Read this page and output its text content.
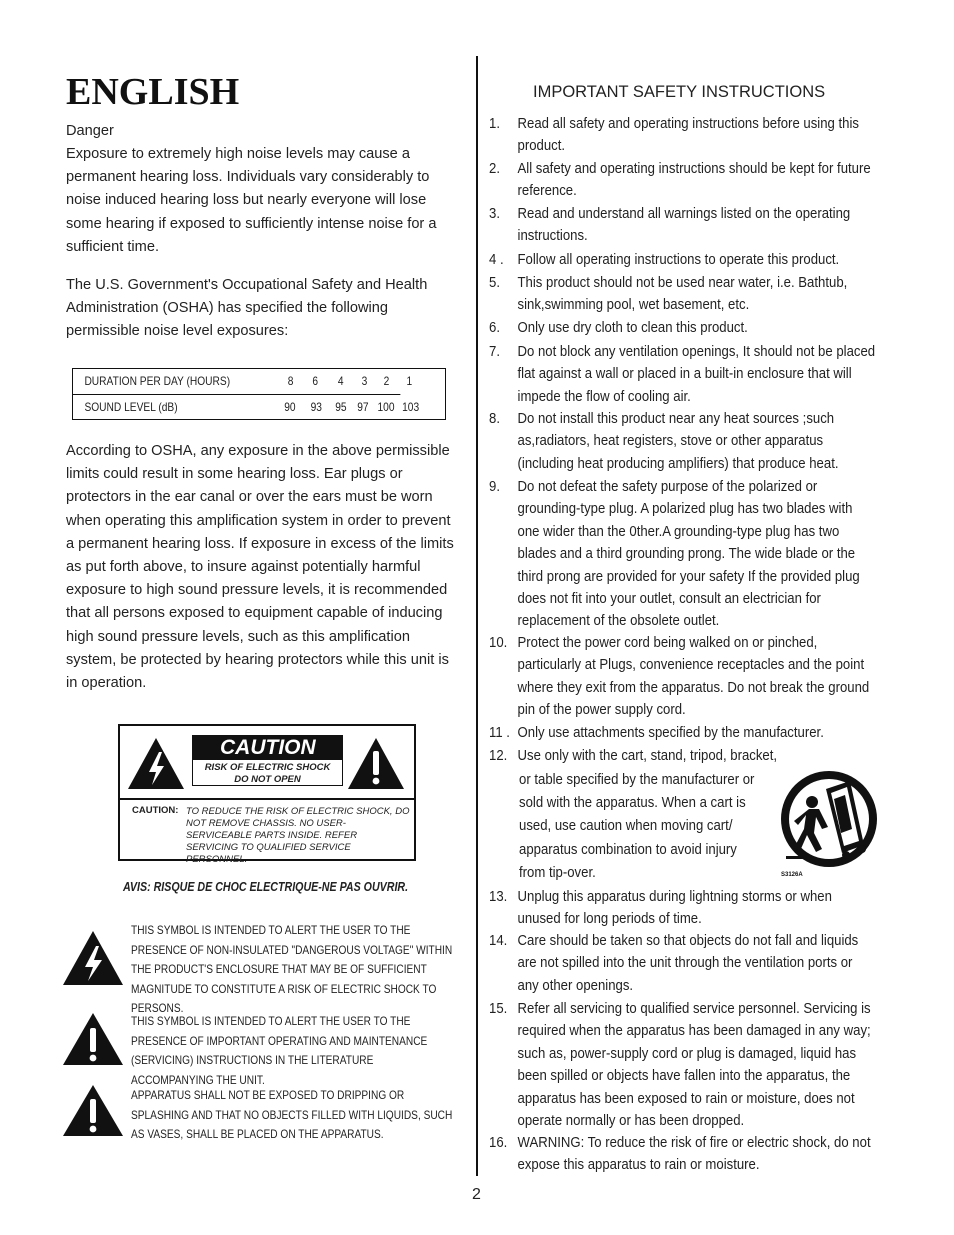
ENGLISH
Danger
Exposure to extremely high noise levels may cause a permanent hearing loss. Individuals vary considerably to noise induced hearing loss but nearly everyone will lose some hearing if exposed to sufficiently intense noise for a sufficient time.
The U.S. Government's Occupational Safety and Health Administration (OSHA) has specified the following permissible noise level exposures:
DURATION PER DAY (HOURS)	8 6 4 3 2 1
SOUND LEVEL (dB)	90 93 95 97 100 103
According to OSHA, any exposure in the above permissible limits could result in some hearing loss. Ear plugs or protectors in the ear canal or over the ears must be worn when operating this amplification system in order to prevent a permanent hearing loss. If exposure in excess of the limits as put forth above, to insure against potentially harmful exposure to high sound pressure levels, it is recommended that all persons exposed to equipment capable of inducing high sound pressure levels, such as this amplification system, be protected by hearing protectors while this unit is in operation.
CAUTION
RISK OF ELECTRIC SHOCK
DO NOT OPEN
CAUTION: TO REDUCE THE RISK OF ELECTRIC SHOCK, DO NOT REMOVE CHASSIS. NO USER-SERVICEABLE PARTS INSIDE. REFER SERVICING TO QUALIFIED SERVICE PERSONNEL.
AVIS: RISQUE DE CHOC ELECTRIQUE-NE PAS OUVRIR.
THIS SYMBOL IS INTENDED TO ALERT THE USER TO THE PRESENCE OF NON-INSULATED "DANGEROUS VOLTAGE" WITHIN THE PRODUCT'S ENCLOSURE THAT MAY BE OF SUFFICIENT MAGNITUDE TO CONSTITUTE A RISK OF ELECTRIC SHOCK TO PERSONS.
THIS SYMBOL IS INTENDED TO ALERT THE USER TO THE PRESENCE OF IMPORTANT OPERATING AND MAINTENANCE (SERVICING) INSTRUCTIONS IN THE LITERATURE ACCOMPANYING THE UNIT.
APPARATUS SHALL NOT BE EXPOSED TO DRIPPING OR SPLASHING AND THAT NO OBJECTS FILLED WITH LIQUIDS, SUCH AS VASES, SHALL BE PLACED ON THE APPARATUS.
IMPORTANT SAFETY INSTRUCTIONS
1. Read all safety and operating instructions before using this product.
2. All safety and operating instructions should be kept for future reference.
3. Read and understand all warnings listed on the operating instructions.
4 . Follow all operating instructions to operate this product.
5. This product should not be used near water, i.e. Bathtub, sink,swimming pool, wet basement, etc.
6. Only use dry cloth to clean this product.
7. Do not block any ventilation openings, It should not be placed flat against a wall or placed in a built-in enclosure that will impede the flow of cooling air.
8. Do not install this product near any heat sources ;such as,radiators, heat registers, stove or other apparatus (including heat producing amplifiers) that produce heat.
9. Do not defeat the safety purpose of the polarized or grounding-type plug. A polarized plug has two blades with one wider than the 0ther.A grounding-type plug has two blades and a third grounding prong. The wide blade or the third prong are provided for your safety If the provided plug does not fit into your outlet, consult an electrician for replacement of the obsolete outlet.
10. Protect the power cord being walked on or pinched, particularly at Plugs, convenience receptacles and the point where they exit from the apparatus. Do not break the ground pin of the power supply cord.
11 . Only use attachments specified by the manufacturer.
12. Use only with the cart, stand, tripod, bracket,
or table specified by the manufacturer or
sold with the apparatus. When a cart is
used, use caution when moving cart/
apparatus combination to avoid injury
from tip-over.	S3126A
13. Unplug this apparatus during lightning storms or when unused for long periods of time.
14. Care should be taken so that objects do not fall and liquids are not spilled into the unit through the ventilation ports or any other openings.
15. Refer all servicing to qualified service personnel. Servicing is required when the apparatus has been damaged in any way; such as, power-supply cord or plug is damaged, liquid has been spilled or objects have fallen into the apparatus, the apparatus has been exposed to rain or moisture, does not operate normally or has been dropped.
16. WARNING: To reduce the risk of fire or electric shock, do not expose this apparatus to rain or moisture.
2
